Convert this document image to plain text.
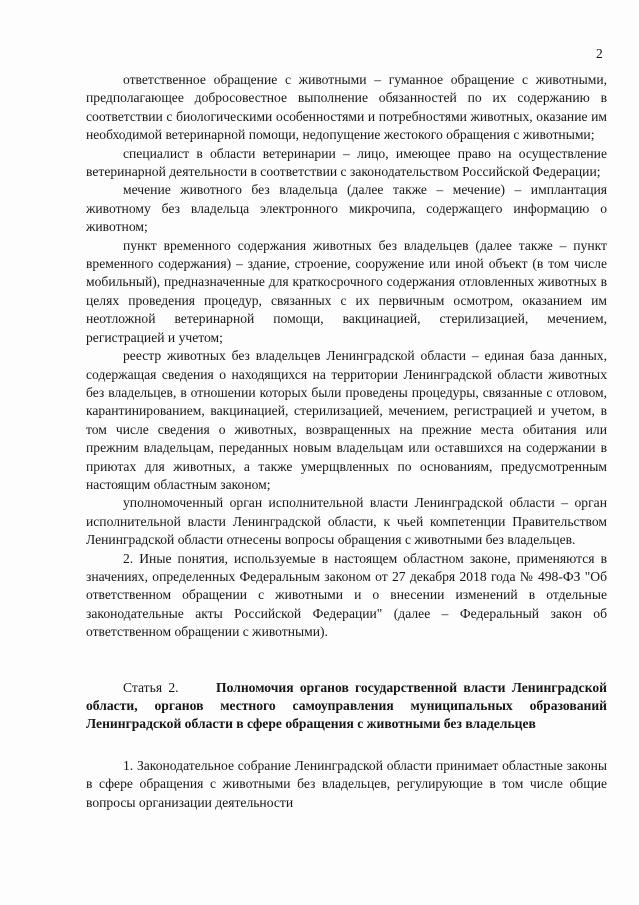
2

ответственное обращение с животными – гуманное обращение с животными, предполагающее добросовестное выполнение обязанностей по их содержанию в соответствии с биологическими особенностями и потребностями животных, оказание им необходимой ветеринарной помощи, недопущение жестокого обращения с животными;

специалист в области ветеринарии – лицо, имеющее право на осуществление ветеринарной деятельности в соответствии с законодательством Российской Федерации;

мечение животного без владельца (далее также – мечение) – имплантация животному без владельца электронного микрочипа, содержащего информацию о животном;

пункт временного содержания животных без владельцев (далее также – пункт временного содержания) – здание, строение, сооружение или иной объект (в том числе мобильный), предназначенные для краткосрочного содержания отловленных животных в целях проведения процедур, связанных с их первичным осмотром, оказанием им неотложной ветеринарной помощи, вакцинацией, стерилизацией, мечением, регистрацией и учетом;

реестр животных без владельцев Ленинградской области – единая база данных, содержащая сведения о находящихся на территории Ленинградской области животных без владельцев, в отношении которых были проведены процедуры, связанные с отловом, карантинированием, вакцинацией, стерилизацией, мечением, регистрацией и учетом, в том числе сведения о животных, возвращенных на прежние места обитания или прежним владельцам, переданных новым владельцам или оставшихся на содержании в приютах для животных, а также умерщвленных по основаниям, предусмотренным настоящим областным законом;

уполномоченный орган исполнительной власти Ленинградской области – орган исполнительной власти Ленинградской области, к чьей компетенции Правительством Ленинградской области отнесены вопросы обращения с животными без владельцев.

2. Иные понятия, используемые в настоящем областном законе, применяются в значениях, определенных Федеральным законом от 27 декабря 2018 года № 498-ФЗ "Об ответственном обращении с животными и о внесении изменений в отдельные законодательные акты Российской Федерации" (далее – Федеральный закон об ответственном обращении с животными).

Статья 2.	Полномочия органов государственной власти Ленинградской области, органов местного самоуправления муниципальных образований Ленинградской области в сфере обращения с животными без владельцев

1. Законодательное собрание Ленинградской области принимает областные законы в сфере обращения с животными без владельцев, регулирующие в том числе общие вопросы организации деятельности
